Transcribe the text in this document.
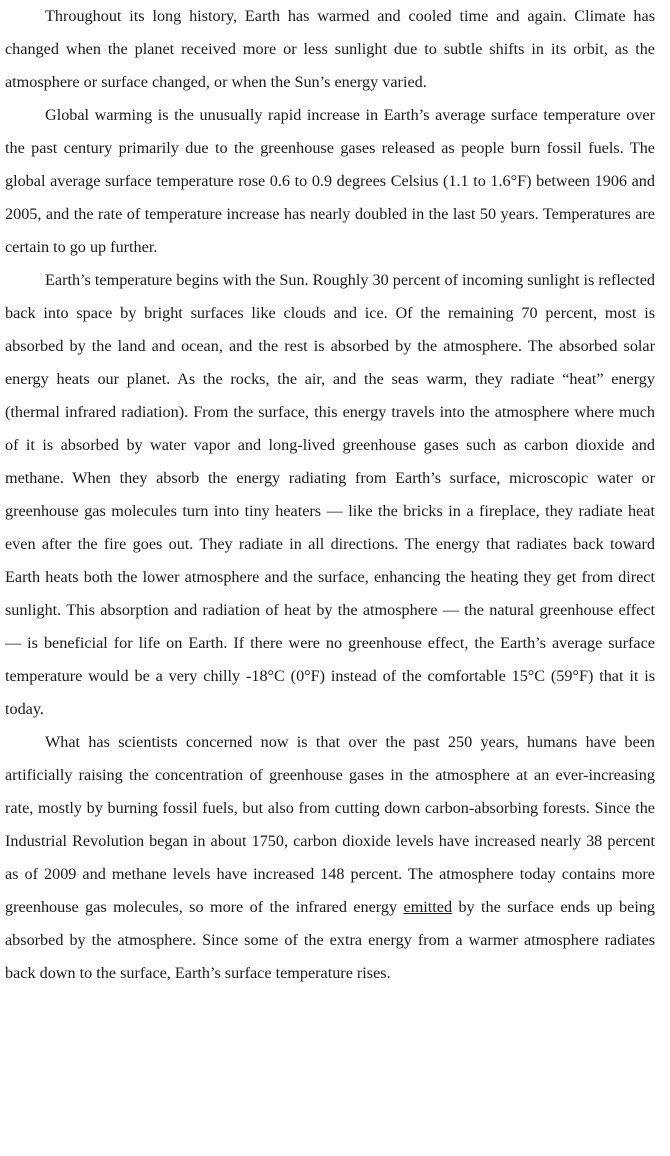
Throughout its long history, Earth has warmed and cooled time and again. Climate has changed when the planet received more or less sunlight due to subtle shifts in its orbit, as the atmosphere or surface changed, or when the Sun’s energy varied.

Global warming is the unusually rapid increase in Earth’s average surface temperature over the past century primarily due to the greenhouse gases released as people burn fossil fuels. The global average surface temperature rose 0.6 to 0.9 degrees Celsius (1.1 to 1.6°F) between 1906 and 2005, and the rate of temperature increase has nearly doubled in the last 50 years. Temperatures are certain to go up further.

Earth’s temperature begins with the Sun. Roughly 30 percent of incoming sunlight is reflected back into space by bright surfaces like clouds and ice. Of the remaining 70 percent, most is absorbed by the land and ocean, and the rest is absorbed by the atmosphere. The absorbed solar energy heats our planet. As the rocks, the air, and the seas warm, they radiate “heat” energy (thermal infrared radiation). From the surface, this energy travels into the atmosphere where much of it is absorbed by water vapor and long-lived greenhouse gases such as carbon dioxide and methane. When they absorb the energy radiating from Earth’s surface, microscopic water or greenhouse gas molecules turn into tiny heaters — like the bricks in a fireplace, they radiate heat even after the fire goes out. They radiate in all directions. The energy that radiates back toward Earth heats both the lower atmosphere and the surface, enhancing the heating they get from direct sunlight. This absorption and radiation of heat by the atmosphere — the natural greenhouse effect — is beneficial for life on Earth. If there were no greenhouse effect, the Earth’s average surface temperature would be a very chilly -18°C (0°F) instead of the comfortable 15°C (59°F) that it is today.

What has scientists concerned now is that over the past 250 years, humans have been artificially raising the concentration of greenhouse gases in the atmosphere at an ever-increasing rate, mostly by burning fossil fuels, but also from cutting down carbon-absorbing forests. Since the Industrial Revolution began in about 1750, carbon dioxide levels have increased nearly 38 percent as of 2009 and methane levels have increased 148 percent. The atmosphere today contains more greenhouse gas molecules, so more of the infrared energy emitted by the surface ends up being absorbed by the atmosphere. Since some of the extra energy from a warmer atmosphere radiates back down to the surface, Earth’s surface temperature rises.
